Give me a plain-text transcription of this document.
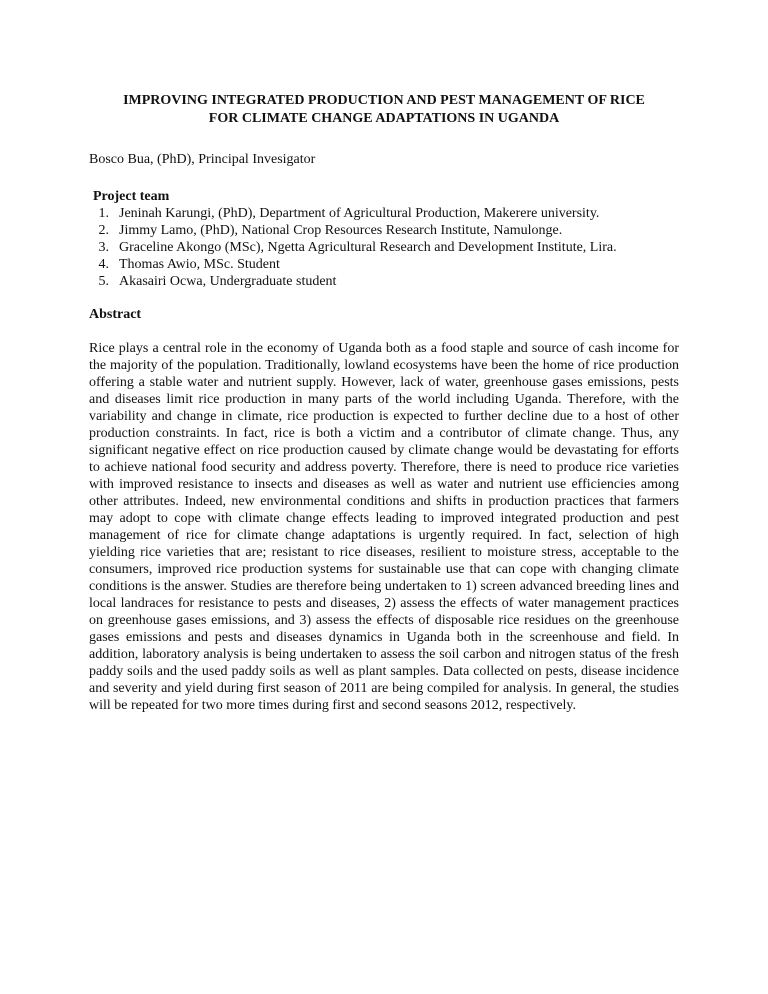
IMPROVING INTEGRATED PRODUCTION AND PEST MANAGEMENT OF RICE
FOR CLIMATE CHANGE ADAPTATIONS IN UGANDA

Bosco Bua, (PhD), Principal Invesigator

Project team

1. Jeninah Karungi, (PhD), Department of Agricultural Production, Makerere university.
2. Jimmy Lamo, (PhD), National Crop Resources Research Institute, Namulonge.
3. Graceline Akongo (MSc), Ngetta Agricultural Research and Development Institute, Lira.
4. Thomas Awio, MSc. Student
5. Akasairi Ocwa, Undergraduate student

Abstract

Rice plays a central role in the economy of Uganda both as a food staple and source of cash income for the majority of the population. Traditionally, lowland ecosystems have been the home of rice production offering a stable water and nutrient supply. However, lack of water, greenhouse gases emissions, pests and diseases limit rice production in many parts of the world including Uganda. Therefore, with the variability and change in climate, rice production is expected to further decline due to a host of other production constraints. In fact, rice is both a victim and a contributor of climate change. Thus, any significant negative effect on rice production caused by climate change would be devastating for efforts to achieve national food security and address poverty. Therefore, there is need to produce rice varieties with improved resistance to insects and diseases as well as water and nutrient use efficiencies among other attributes. Indeed, new environmental conditions and shifts in production practices that farmers may adopt to cope with climate change effects leading to improved integrated production and pest management of rice for climate change adaptations is urgently required. In fact, selection of high yielding rice varieties that are; resistant to rice diseases, resilient to moisture stress, acceptable to the consumers, improved rice production systems for sustainable use that can cope with changing climate conditions is the answer. Studies are therefore being undertaken to 1) screen advanced breeding lines and local landraces for resistance to pests and diseases, 2) assess the effects of water management practices on greenhouse gases emissions, and 3) assess the effects of disposable rice residues on the greenhouse gases emissions and pests and diseases dynamics in Uganda both in the screenhouse and field. In addition, laboratory analysis is being undertaken to assess the soil carbon and nitrogen status of the fresh paddy soils and the used paddy soils as well as plant samples. Data collected on pests, disease incidence and severity and yield during first season of 2011 are being compiled for analysis. In general, the studies will be repeated for two more times during first and second seasons 2012, respectively.
